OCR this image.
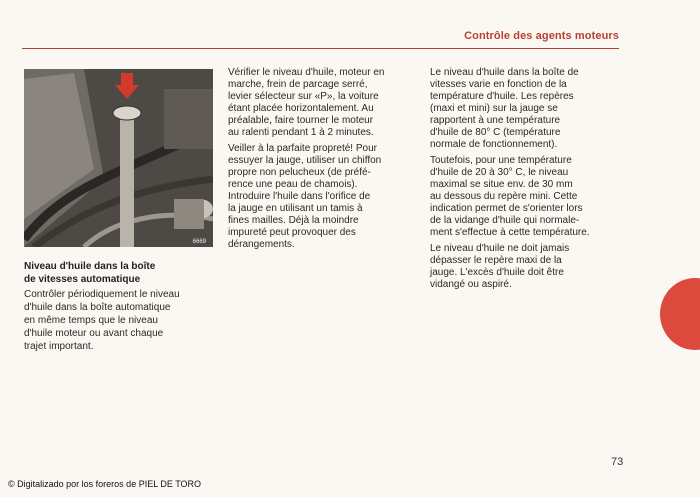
Contrôle des agents moteurs
6669
Niveau d'huile dans la boîte
de vitesses automatique
Contrôler périodiquement le niveau
d'huile dans la boîte automatique
en même temps que le niveau
d'huile moteur ou avant chaque
trajet important.

Vérifier le niveau d'huile, moteur en
marche, frein de parcage serré,
levier sélecteur sur «P», la voiture
étant placée horizontalement. Au
préalable, faire tourner le moteur
au ralenti pendant 1 à 2 minutes.

Veiller à la parfaite propreté! Pour
essuyer la jauge, utiliser un chiffon
propre non pelucheux (de préfé-
rence une peau de chamois).
Introduire l'huile dans l'orifice de
la jauge en utilisant un tamis à
fines mailles. Déjà la moindre
impureté peut provoquer des
dérangements.

Le niveau d'huile dans la boîte de
vitesses varie en fonction de la
température d'huile. Les repères
(maxi et mini) sur la jauge se
rapportent à une température
d'huile de 80° C (température
normale de fonctionnement).

Toutefois, pour une température
d'huile de 20 à 30° C, le niveau
maximal se situe env. de 30 mm
au dessous du repère mini. Cette
indication permet de s'orienter lors
de la vidange d'huile qui normale-
ment s'effectue à cette température.

Le niveau d'huile ne doit jamais
dépasser le repère maxi de la
jauge. L'excès d'huile doit être
vidangé ou aspiré.

73
© Digitalizado por los foreros de PIEL DE TORO
